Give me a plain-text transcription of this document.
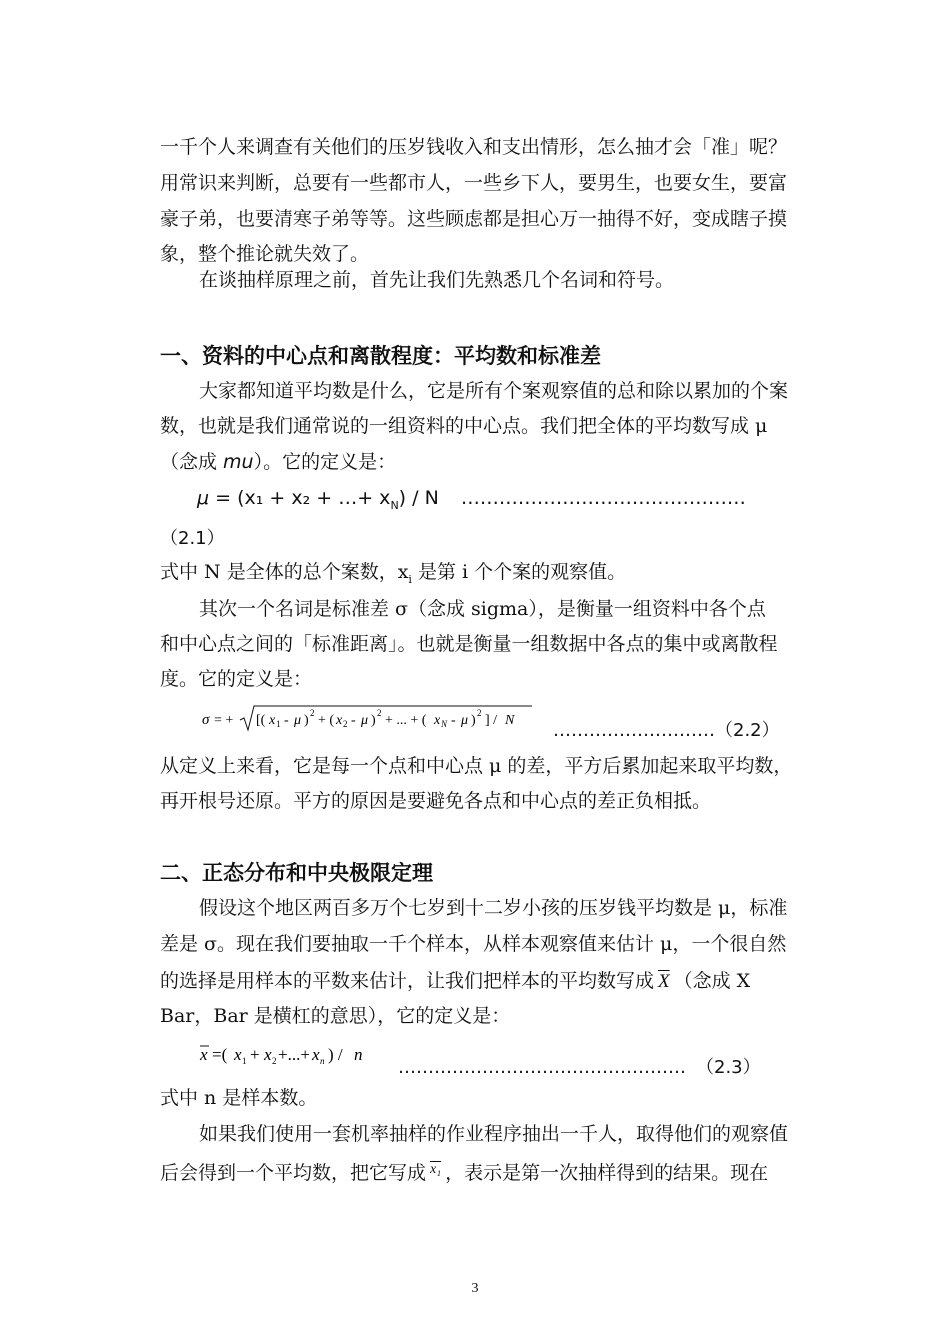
一千个人来调查有关他们的压岁钱收入和支出情形，怎么抽才会「准」呢？
用常识来判断，总要有一些都市人，一些乡下人，要男生，也要女生，要富
豪子弟，也要清寒子弟等等。这些顾虑都是担心万一抽得不好，变成瞎子摸
象，整个推论就失效了。
在谈抽样原理之前，首先让我们先熟悉几个名词和符号。
一、资料的中心点和离散程度：平均数和标准差
大家都知道平均数是什么，它是所有个案观察值的总和除以累加的个案
数，也就是我们通常说的一组资料的中心点。我们把全体的平均数写成 μ
（念成 mu）。它的定义是：
μ = (x₁ + x₂ + …+ $x_N$) / N ………………………………………
（2.1）
式中 N 是全体的总个案数，$x_i$ 是第 i 个个案的观察值。
其次一个名词是标准差 σ（念成 sigma），是衡量一组资料中各个点
和中心点之间的「标准距离」。也就是衡量一组数据中各点的集中或离散程
度。它的定义是：
σ = + [( x 1 - μ ) 2 + ( x 2 - μ ) 2 + ... + ( x N - μ ) 2 ] / N ………………………（2.2）
从定义上来看，它是每一个点和中心点 μ 的差，平方后累加起来取平均数，
再开根号还原。平方的原因是要避免各点和中心点的差正负相抵。
二、正态分布和中央极限定理
假设这个地区两百多万个七岁到十二岁小孩的压岁钱平均数是 μ，标准
差是 σ。现在我们要抽取一千个样本，从样本观察值来估计 μ，一个很自然
的选择是用样本的平数来估计，让我们把样本的平均数写成 $\overline{X}$ （念成 X
Bar，Bar 是横杠的意思），它的定义是：
x =( x 1 + x 2 +...+ x n ) / n
………………………………………… （2.3）
式中 n 是样本数。
如果我们使用一套机率抽样的作业程序抽出一千人，取得他们的观察值
后会得到一个平均数，把它写成 $^{x_1}$ ，表示是第一次抽样得到的结果。现在
3
